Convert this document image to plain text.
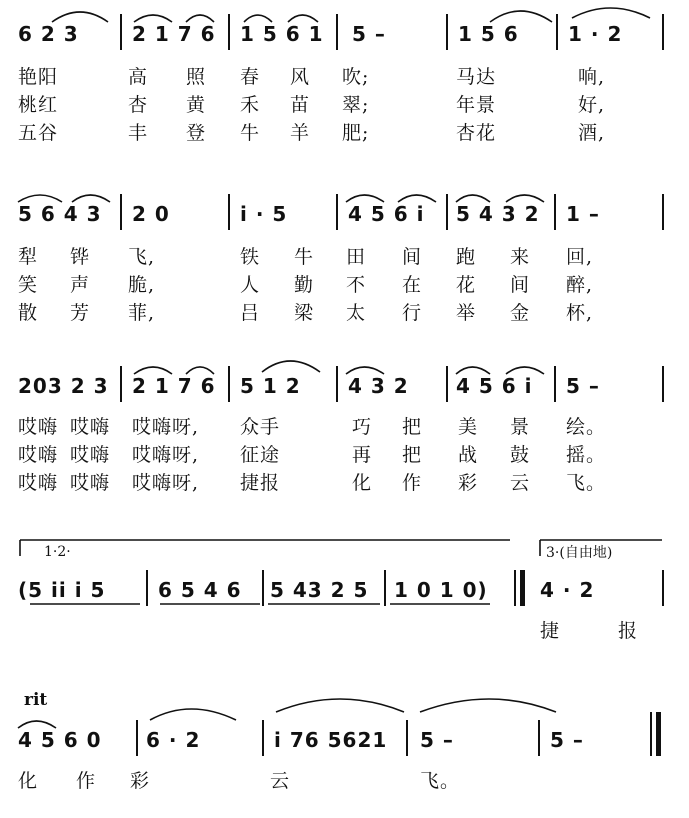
6 2 3	2 1 7 6 1 5 6 1 5 –	1 5 6 1 · 2
艳阳	高 照 春 风 吹;	马达	响,
桃红	杏 黄 禾 苗 翠;	年景	好,
五谷	丰 登 牛 羊 肥;	杏花	酒,
5 6 4 3 2 0	i · 5	4 5 6 i 5 4 3 2 1 –
犁 铧 飞,	铁 牛 田 间 跑 来 回,
笑 声 脆,	人 勤 不 在 花 间 醉,
散 芳 菲,	吕 梁 太 行 举 金 杯,
203 2 3 2 1 7 6 5 1 2 4 3 2 4 5 6 i 5 –
哎嗨 哎嗨 哎嗨呀, 众手	巧 把 美 景 绘。
哎嗨 哎嗨 哎嗨呀, 征途	再 把 战 鼓 摇。
哎嗨 哎嗨 哎嗨呀, 捷报	化 作 彩 云 飞。
1·2·	3·(自由地)
(5 ii i 5	6 5 4 6 5 43 2 5 1 0 1 0)	4 · 2
捷	报
rit
4 5 6 0 6 · 2	i 76 5621 5 –	5 –
化 作 彩	云	飞。
